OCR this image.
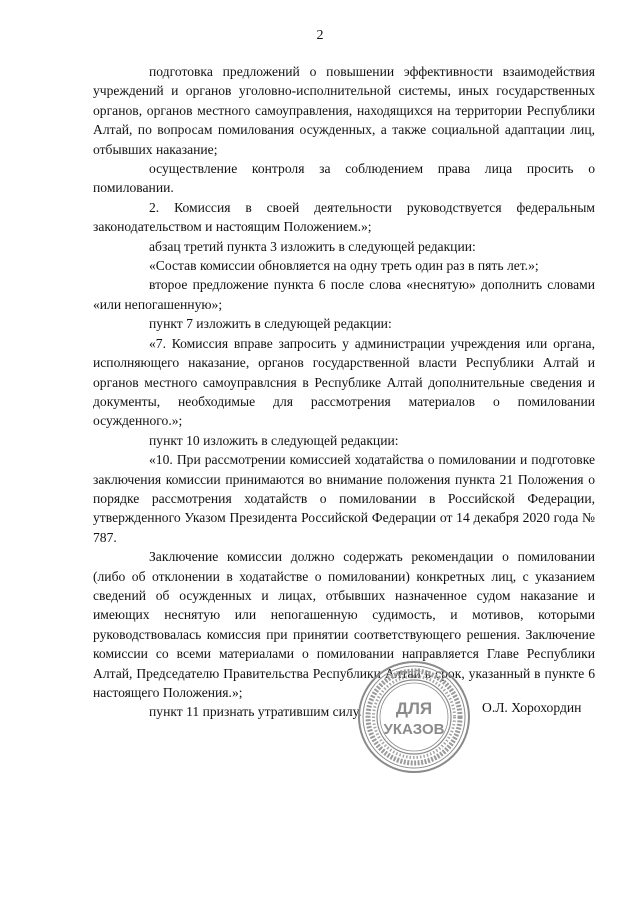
2

подготовка предложений о повышении эффективности взаимодействия учреждений и органов уголовно-исполнительной системы, иных государственных органов, органов местного самоуправления, находящихся на территории Республики Алтай, по вопросам помилования осужденных, а также социальной адаптации лиц, отбывших наказание;

осуществление контроля за соблюдением права лица просить о помиловании.

2. Комиссия в своей деятельности руководствуется федеральным законодательством и настоящим Положением.»;

абзац третий пункта 3 изложить в следующей редакции:

«Состав комиссии обновляется на одну треть один раз в пять лет.»;

второе предложение пункта 6 после слова «неснятую» дополнить словами «или непогашенную»;

пункт 7 изложить в следующей редакции:

«7. Комиссия вправе запросить у администрации учреждения или органа, исполняющего наказание, органов государственной власти Республики Алтай и органов местного самоуправлсния в Республике Алтай дополнительные сведения и документы, необходимые для рассмотрения материалов о помиловании осужденного.»;

пункт 10 изложить в следующей редакции:

«10. При рассмотрении комиссией ходатайства о помиловании и подготовке заключения комиссии принимаются во внимание положения пункта 21 Положения о порядке рассмотрения ходатайств о помиловании в Российской Федерации, утвержденного Указом Президента Российской Федерации от 14 декабря 2020 года № 787.

Заключение комиссии должно содержать рекомендации о помиловании (либо об отклонении в ходатайстве о помиловании) конкретных лиц, с указанием сведений об осужденных и лицах, отбывших назначенное судом наказание и имеющих неснятую или непогашенную судимость, и мотивов, которыми руководствовалась комиссия при принятии соответствующего решения. Заключение комиссии со всеми материалами о помиловании направляется Главе Республики Алтай, Председателю Правительства Республики Алтай в срок, указанный в пункте 6 настоящего Положения.»;

пункт 11 признать утратившим силу.	ДЛЯ
УКАЗОВ
О.Л. Хорохордин
